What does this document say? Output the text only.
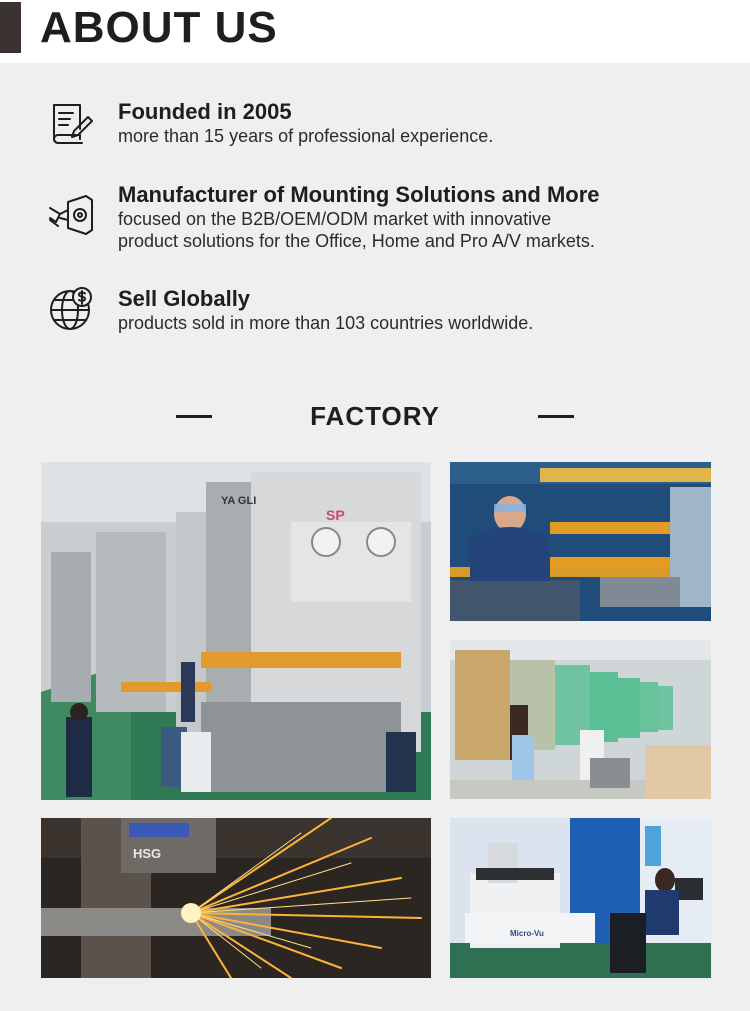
ABOUT US
Founded in 2005

more than 15 years of professional experience.

Manufacturer of Mounting Solutions and More

focused on the B2B/OEM/ODM market with innovative

product solutions for the Office, Home and Pro A/V markets.

Sell Globally

products sold in more than 103 countries worldwide.

FACTORY
SP
YA GLI
HSG
Micro-Vu
